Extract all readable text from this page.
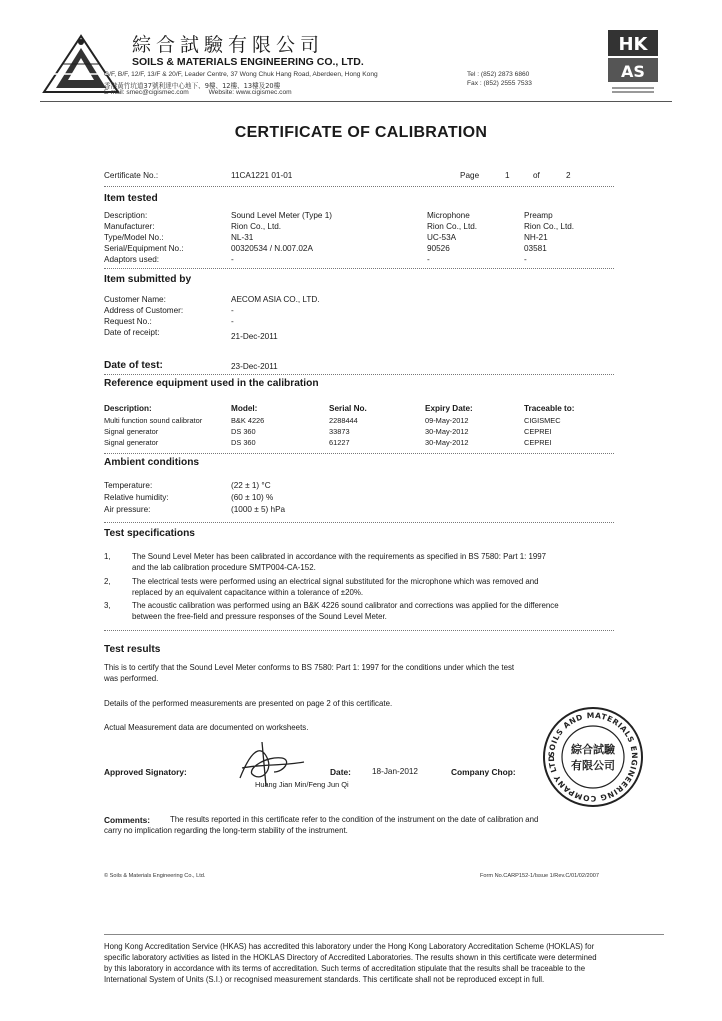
綜合試驗有限公司
SOILS & MATERIALS ENGINEERING CO., LTD.
G/F, B/F, 12/F, 13/F & 20/F, Leader Centre, 37 Wong Chuk Hang Road, Aberdeen, Hong Kong
香港黃竹坑道37號利達中心地下、9樓、12樓、13樓及20樓
E-mail: smec@cigismec.com	Website: www.cigismec.com
Tel : (852) 2873 6860
Fax : (852) 2555 7533
HK
AS
CERTIFICATE OF CALIBRATION
Certificate No.:	11CA1221 01-01	Page	1	of	2
Item tested
Description:	Sound Level Meter (Type 1)	Microphone	Preamp
Manufacturer:	Rion Co., Ltd.	Rion Co., Ltd.	Rion Co., Ltd.
Type/Model No.:	NL-31	UC-53A	NH-21
Serial/Equipment No.:	00320534 / N.007.02A	90526	03581
Adaptors used:	-	-	-
Item submitted by
Customer Name:	AECOM ASIA CO., LTD.
Address of Customer:	-
Request No.:	-
Date of receipt:	21-Dec-2011
Date of test:	23-Dec-2011
Reference equipment used in the calibration
Description:	Model:	Serial No.	Expiry Date:	Traceable to:
Multi function sound calibrator	B&K 4226	2288444	09-May-2012	CIGISMEC
Signal generator	DS 360	33873	30-May-2012	CEPREI
Signal generator	DS 360	61227	30-May-2012	CEPREI
Ambient conditions
Temperature:	(22 ± 1) °C
Relative humidity:	(60 ± 10) %
Air pressure:	(1000 ± 5) hPa
Test specifications
1,	The Sound Level Meter has been calibrated in accordance with the requirements as specified in BS 7580: Part 1: 1997
and the lab calibration procedure SMTP004-CA-152.
2,	The electrical tests were performed using an electrical signal substituted for the microphone which was removed and
replaced by an equivalent capacitance within a tolerance of ±20%.
3,	The acoustic calibration was performed using an B&K 4226 sound calibrator and corrections was applied for the difference
between the free-field and pressure responses of the Sound Level Meter.
Test results
This is to certify that the Sound Level Meter conforms to BS 7580: Part 1: 1997 for the conditions under which the test
was performed.
Details of the performed measurements are presented on page 2 of this certificate.
Actual Measurement data are documented on worksheets.
Approved Signatory:
Huang Jian Min/Feng Jun Qi
Date:	18-Jan-2012	Company Chop:
SOILS AND MATERIALS ENGINEERING COMPANY LTD
綜合試驗
有限公司
Comments:	The results reported in this certificate refer to the condition of the instrument on the date of calibration and
carry no implication regarding the long-term stability of the instrument.
© Soils & Materials Engineering Co., Ltd.	Form No.CARP152-1/Issue 1/Rev.C/01/02/2007
Hong Kong Accreditation Service (HKAS) has accredited this laboratory under the Hong Kong Laboratory Accreditation Scheme (HOKLAS) for
specific laboratory activities as listed in the HOKLAS Directory of Accredited Laboratories. The results shown in this certificate were determined
by this laboratory in accordance with its terms of accreditation. Such terms of accreditation stipulate that the results shall be traceable to the
International System of Units (S.I.) or recognised measurement standards. This certificate shall not be reproduced except in full.
